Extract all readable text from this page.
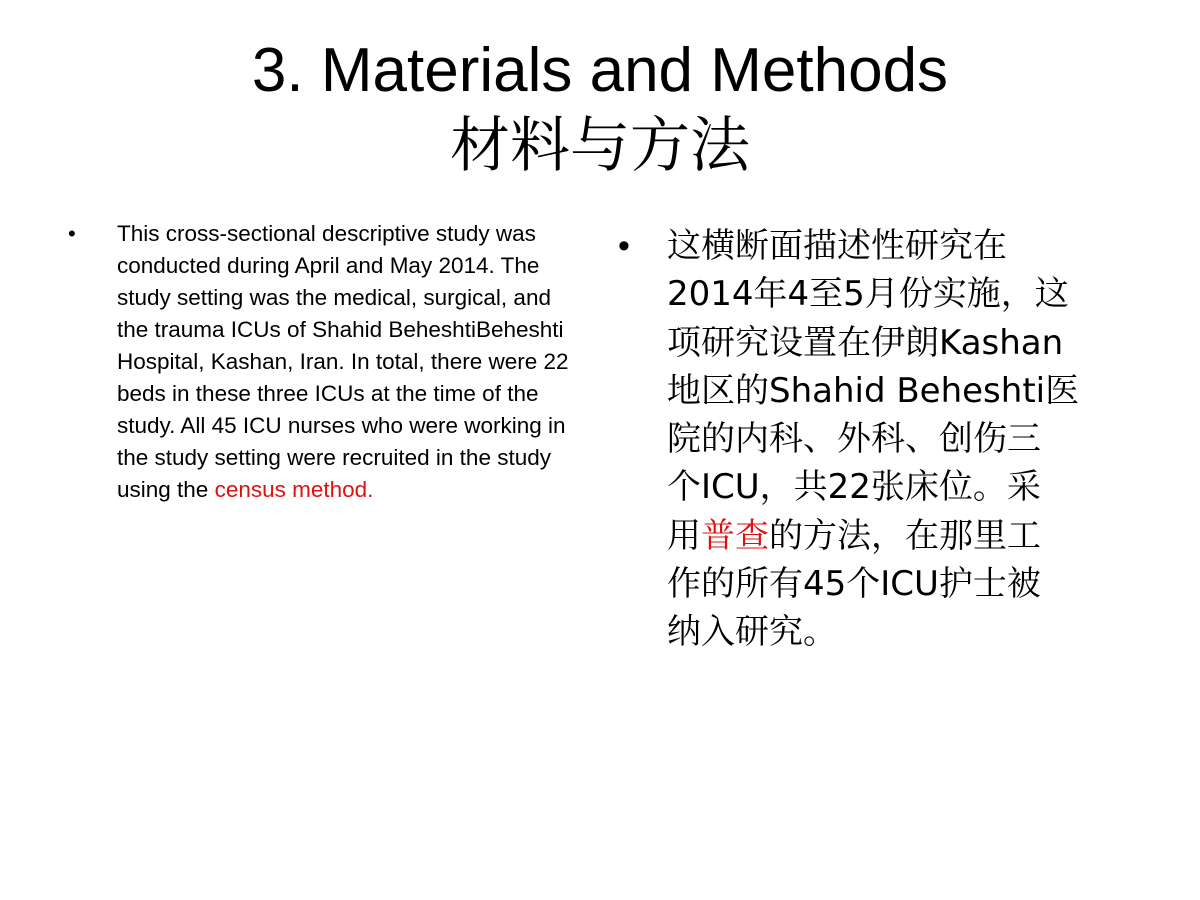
3. Materials and Methods
材料与方法
• This cross-sectional descriptive study was conducted during April and May 2014. The study setting was the medical, surgical, and the trauma ICUs of Shahid BeheshtiBeheshti Hospital, Kashan, Iran. In total, there were 22 beds in these three ICUs at the time of the study. All 45 ICU nurses who were working in the study setting were recruited in the study using the census method.
• 这横断面描述性研究在
2014年4至5月份实施，这
项研究设置在伊朗Kashan
地区的Shahid Beheshti医
院的内科、外科、创伤三
个ICU，共22张床位。采
用普查的方法，在那里工
作的所有45个ICU护士被
纳入研究。
